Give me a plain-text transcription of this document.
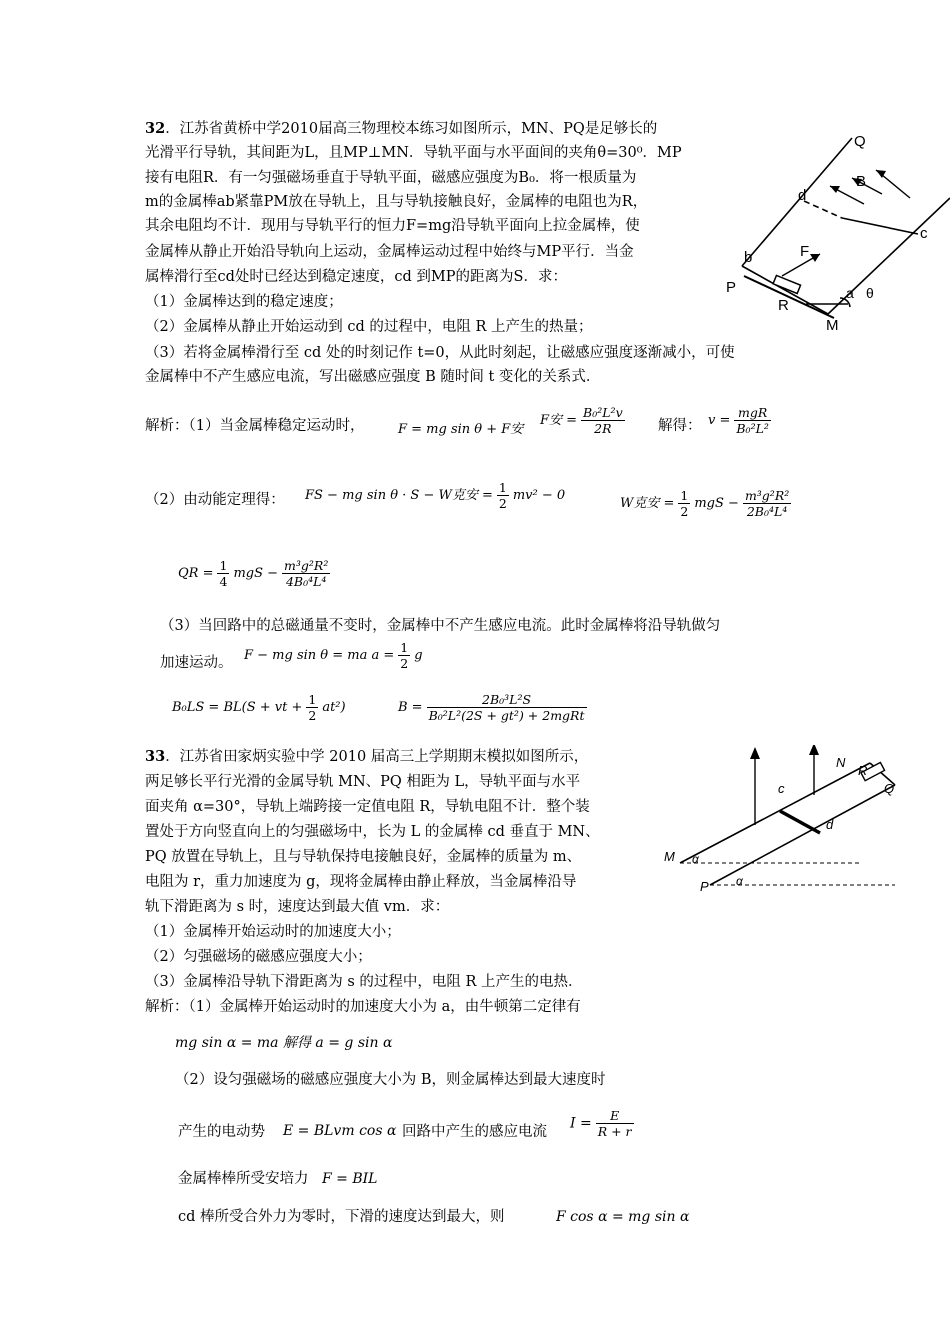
32．江苏省黄桥中学2010届高三物理校本练习如图所示，MN、PQ是足够长的
光滑平行导轨，其间距为L，且MP⊥MN．导轨平面与水平面间的夹角θ=30⁰．MP
接有电阻R．有一匀强磁场垂直于导轨平面，磁感应强度为B₀．将一根质量为
m的金属棒ab紧靠PM放在导轨上，且与导轨接触良好，金属棒的电阻也为R，
其余电阻均不计．现用与导轨平行的恒力F=mg沿导轨平面向上拉金属棒，使
金属棒从静止开始沿导轨向上运动，金属棒运动过程中始终与MP平行．当金
属棒滑行至cd处时已经达到稳定速度，cd 到MP的距离为S．求：
（1）金属棒达到的稳定速度；
（2）金属棒从静止开始运动到 cd 的过程中，电阻 R 上产生的热量；
（3）若将金属棒滑行至 cd 处的时刻记作 t=0，从此时刻起，让磁感应强度逐渐减小，可使
金属棒中不产生感应电流，写出磁感应强度 B 随时间 t 变化的关系式．
Q
B
d
c
F
b
P
R
a θ
M
解析：（1）当金属棒稳定运动时，	F = mg sin θ + F安
F安 = $\frac{\text{B₀²L²v}}{2R}$ 解得： $v = \frac{\text{mgR}}{\text{B₀²L²}}$
（2）由动能定理得： FS − mg sin θ · S − W克安 = $\frac{1}{2} mv^2 - 0$
W克安 = $\frac{1}{2}$ mgS − $\frac{\text{m³g²R²}}{\text{2B₀⁴L⁴}}$
QR = $\frac{1}{4}$ mgS − $\frac{\text{m³g²R²}}{\text{4B₀⁴L⁴}}$
（3）当回路中的总磁通量不变时，金属棒中不产生感应电流。此时金属棒将沿导轨做匀
加速运动。 F − mg sin θ = ma $a = \frac{1}{2}$ g
B₀LS = BL(S + vt + $\frac{1}{2} at^2$)	$B = \frac{\text{2B₀³L²S}}{\text{B₀²L²(2S + gt²) + 2mgRt}}$
33．江苏省田家炳实验中学 2010 届高三上学期期末模拟如图所示，
两足够长平行光滑的金属导轨 MN、PQ 相距为 L，导轨平面与水平
面夹角 α=30°，导轨上端跨接一定值电阻 R，导轨电阻不计．整个装
置处于方向竖直向上的匀强磁场中，长为 L 的金属棒 cd 垂直于 MN、
PQ 放置在导轨上，且与导轨保持电接触良好，金属棒的质量为 m、
电阻为 r，重力加速度为 g，现将金属棒由静止释放，当金属棒沿导
轨下滑距离为 s 时，速度达到最大值 vm．求：
（1）金属棒开始运动时的加速度大小；
（2）匀强磁场的磁感应强度大小；
（3）金属棒沿导轨下滑距离为 s 的过程中，电阻 R 上产生的电热．
解析：（1）金属棒开始运动时的加速度大小为 a，由牛顿第二定律有
N
R
Q
c
d
M α
P α
mg sin α = ma 解得 a = g sin α
（2）设匀强磁场的磁感应强度大小为 B，则金属棒达到最大速度时
产生的电动势 E = BLvm cos α 回路中产生的感应电流
$I = \frac{E}{R + r}$
金属棒棒所受安培力 F = BIL
cd 棒所受合外力为零时，下滑的速度达到最大，则	F cos α = mg sin α
